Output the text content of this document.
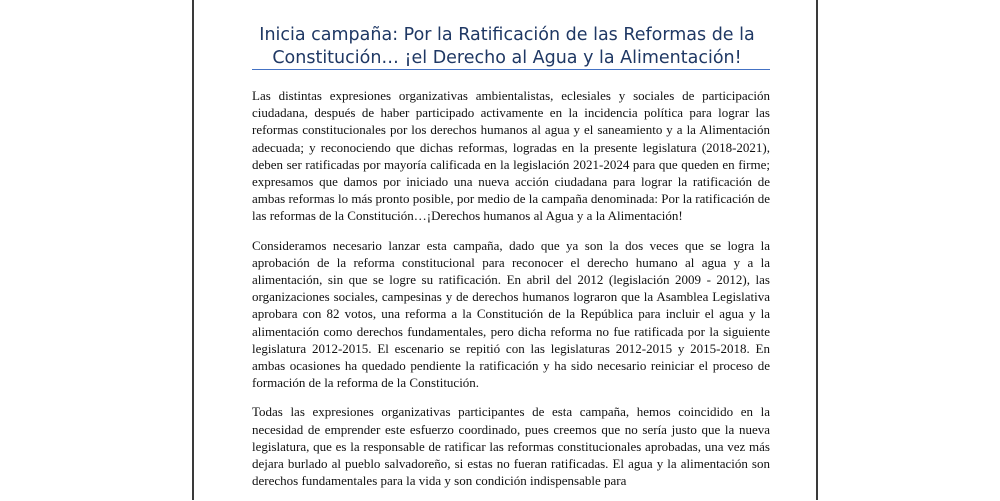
Inicia campaña: Por la Ratificación de las Reformas de la Constitución… ¡el Derecho al Agua y la Alimentación!

Las distintas expresiones organizativas ambientalistas, eclesiales y sociales de participación ciudadana, después de haber participado activamente en la incidencia política para lograr las reformas constitucionales por los derechos humanos al agua y el saneamiento y a la Alimentación adecuada; y reconociendo que dichas reformas, logradas en la presente legislatura (2018-2021), deben ser ratificadas por mayoría calificada en la legislación 2021-2024 para que queden en firme; expresamos que damos por iniciado una nueva acción ciudadana para lograr la ratificación de ambas reformas lo más pronto posible, por medio de la campaña denominada: Por la ratificación de las reformas de la Constitución…¡Derechos humanos al Agua y a la Alimentación!

Consideramos necesario lanzar esta campaña, dado que ya son la dos veces que se logra la aprobación de la reforma constitucional para reconocer el derecho humano al agua y a la alimentación, sin que se logre su ratificación. En abril del 2012 (legislación 2009 - 2012), las organizaciones sociales, campesinas y de derechos humanos lograron que la Asamblea Legislativa aprobara con 82 votos, una reforma a la Constitución de la República para incluir el agua y la alimentación como derechos fundamentales, pero dicha reforma no fue ratificada por la siguiente legislatura 2012-2015. El escenario se repitió con las legislaturas 2012-2015 y 2015-2018. En ambas ocasiones ha quedado pendiente la ratificación y ha sido necesario reiniciar el proceso de formación de la reforma de la Constitución.

Todas las expresiones organizativas participantes de esta campaña, hemos coincidido en la necesidad de emprender este esfuerzo coordinado, pues creemos que no sería justo que la nueva legislatura, que es la responsable de ratificar las reformas constitucionales aprobadas, una vez más dejara burlado al pueblo salvadoreño, si estas no fueran ratificadas. El agua y la alimentación son derechos fundamentales para la vida y son condición indispensable para
